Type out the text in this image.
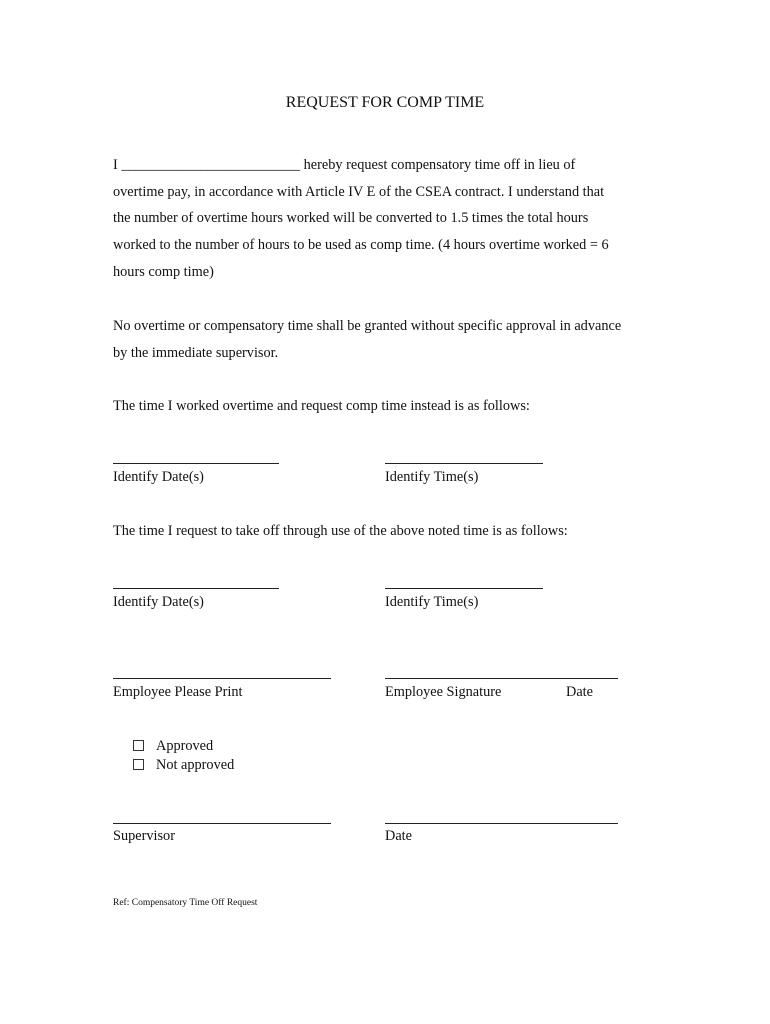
REQUEST FOR COMP TIME
I _________________________ hereby request compensatory time off in lieu of
overtime pay, in accordance with Article IV E of the CSEA contract. I understand that
the number of overtime hours worked will be converted to 1.5 times the total hours
worked to the number of hours to be used as comp time. (4 hours overtime worked = 6
hours comp time)
No overtime or compensatory time shall be granted without specific approval in advance
by the immediate supervisor.
The time I worked overtime and request comp time instead is as follows:
Identify Date(s)	Identify Time(s)
The time I request to take off through use of the above noted time is as follows:
Identify Date(s)	Identify Time(s)
Employee Please Print	Employee Signature	Date
Approved
Not approved
Supervisor	Date
Ref: Compensatory Time Off Request
